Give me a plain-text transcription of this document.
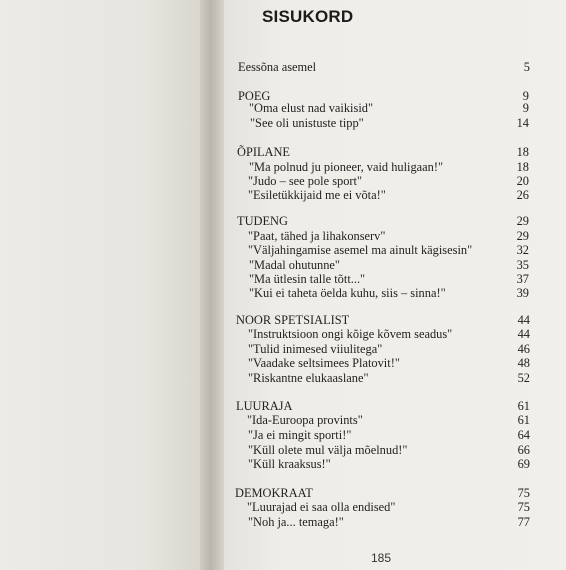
SISUKORD
Eessõna asemel	5
POEG	9
"Oma elust nad vaikisid"	9
"See oli unistuste tipp"	14
ÕPILANE	18
"Ma polnud ju pioneer, vaid huligaan!"	18
"Judo – see pole sport"	20
"Esiletükkijaid me ei võta!"	26
TUDENG	29
"Paat, tähed ja lihakonserv"	29
"Väljahingamise asemel ma ainult kägisesin"	32
"Madal ohutunne"	35
"Ma ütlesin talle tõtt..."	37
"Kui ei taheta öelda kuhu, siis – sinna!"	39
NOOR SPETSIALIST	44
"Instruktsioon ongi kõige kõvem seadus"	44
"Tulid inimesed viiulitega"	46
"Vaadake seltsimees Platovit!"	48
"Riskantne elukaaslane"	52
LUURAJA	61
"Ida-Euroopa provints"	61
"Ja ei mingit sporti!"	64
"Küll olete mul välja mõelnud!"	66
"Küll kraaksus!"	69
DEMOKRAAT	75
"Luurajad ei saa olla endised"	75
"Noh ja... temaga!"	77
185
